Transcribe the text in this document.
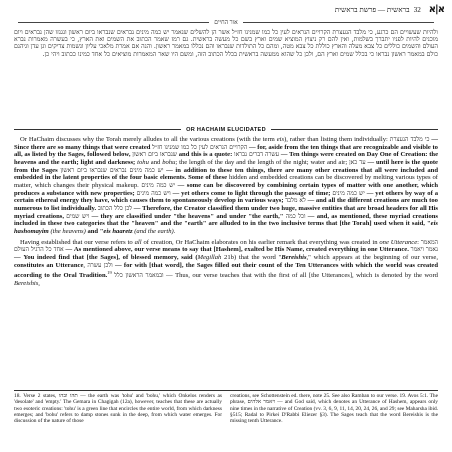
בראשית — פרשת בראשית 32 א|א
אור החיים
ולהיות שעשויים הם כרגע, כי מלבד הנעצרת הקרויים הנראים לעין כל כמו שמנינו חז״ל אשר הן להשלים שנאמר יש כמה מינים נבראים שנבראו ביום ראשון ונגנזו שהן נבראים ויום מוכנים להיות לפניו יתברך בשלמות, ואין להם רק ניצוץ המוציא שמים וארץ בשם כל מעשה בראשית. גם רמז שאמר הכתוב את השמים ואת הארץ, כי בעשרה מאמרות נברא העולם והשמים כוללים כל צבא מעלה והארץ כוללת כל צבא מטה, ומהם כל התולדות שנבראו והם נכללו במאמר ראשון. והנה אם אמרת מלאכי עליון ונשמות צדיקים וגן עדן וגיהנם כולם במאמר ראשון נבראו כי בכלל שמים וארץ הם, ולכן כל שהוא ממעשה בראשית בכלל הכתוב הזה, ומשם היו שאר המאמרות מוציאים כל אחד כמינו ככתוב ויהי כן.
OR HACHAIM ELUCIDATED

Or HaChaim discusses why the Torah merely alludes to all the various creations (with the term eis), rather than listing them individually: כי מלבד הנעצרת — Since there are so many things that were created הקרויים הנראים לעין כל כמו שמנינו חז״ל — for, aside from the ten things that are recognizable and visible to all, as listed by the Sages, followed below, שנבראו ביום ראשון and this is a quote: עשרה דברים נבראו — Ten things were created on Day One of Creation: the heavens and the earth; light and darkness; tohu and bohu; the length of the day and the length of the night; water and air; עד כאן — until here is the quote from the Sages יש כמה מינים נבראים שנבראו ביום ראשון — in addition to these ten things, there are many other creations that all were included and embedded in the latent properties of the four basic elements. Some of these hidden and embedded creations can be discovered by melting various types of matter, which changes their physical makeup. יש כמה מינים — some can be discovered by combining certain types of matter with one another, which produces a substance with new properties; ויש כמה מינים — yet others come to light through the passage of time; יש כמה מינים — yet others by way of a certain ethereal energy they have, which causes them to spontaneously develop in various ways; לא מלבד — and all the different creations are much too numerous to list individually. לכן כלל הכתוב — Therefore, the Creator classified them under two huge, massive entities that are broad headers for all His myriad creations, ויש שמים — they are classified under "the heavens" and under "the earth," וכל כמה — and, as mentioned, these myriad creations included in these two categories that the "heaven" and the "earth" are alluded to in the two inclusive terms that [the Torah] used when it said, "eis hashomayim (the heavens) and "eis haaretz (and the earth).

Having established that our verse refers to all of creation, Or HaChaim elaborates on his earlier remark that everything was created in one Utterance: המאמר אחד כל הרגיל העולם — As mentioned above, our verse means to say that [Hashem], exalted be His Name, created everything in one Utterance. נאמר ויאמר — You indeed find that [the Sages], of blessed memory, said (Megillah 21b) that the word "Bereishis," which appears at the beginning of our verse, constitutes an Utterance, ולכן עשרה — for with [that word], the Sages filled out their count of the Ten Utterances with which the world was created according to the Oral Tradition.$^{19}$ ובמאמר הראשון כלל — Thus, our verse teaches that with the first of all [the Utterances], which is denoted by the word Bereishis,

18. Verse 2 states, תהו ובהו — the earth was 'tohu' and 'bohu,' which Onkelos renders as 'desolate' and 'empty.' The Gemara in Chagigah (12a), however, teaches that these are actually two esoteric creations: 'tohu' is a green line that encircles the entire world, from which darkness emerges; and 'bohu' refers to damp stones sunk in the deep, from which water emerges. For discussion of the nature of those

creations, see Schottenstein ed. there, note 25. See also Ramban to our verse. 19. Avos 5:1. The phrase, ויאמר אלהים — and God said, which denotes an Utterance of Hashem, appears only nine times in the narrative of Creation (vv. 3, 6, 9, 11, 14, 20, 24, 26, and 29; see Maharsha ibid. §515; Radal to Pirkei D'Rabbi Eliezer §3). The Sages teach that the word Bereishis is the missing tenth Utterance.
